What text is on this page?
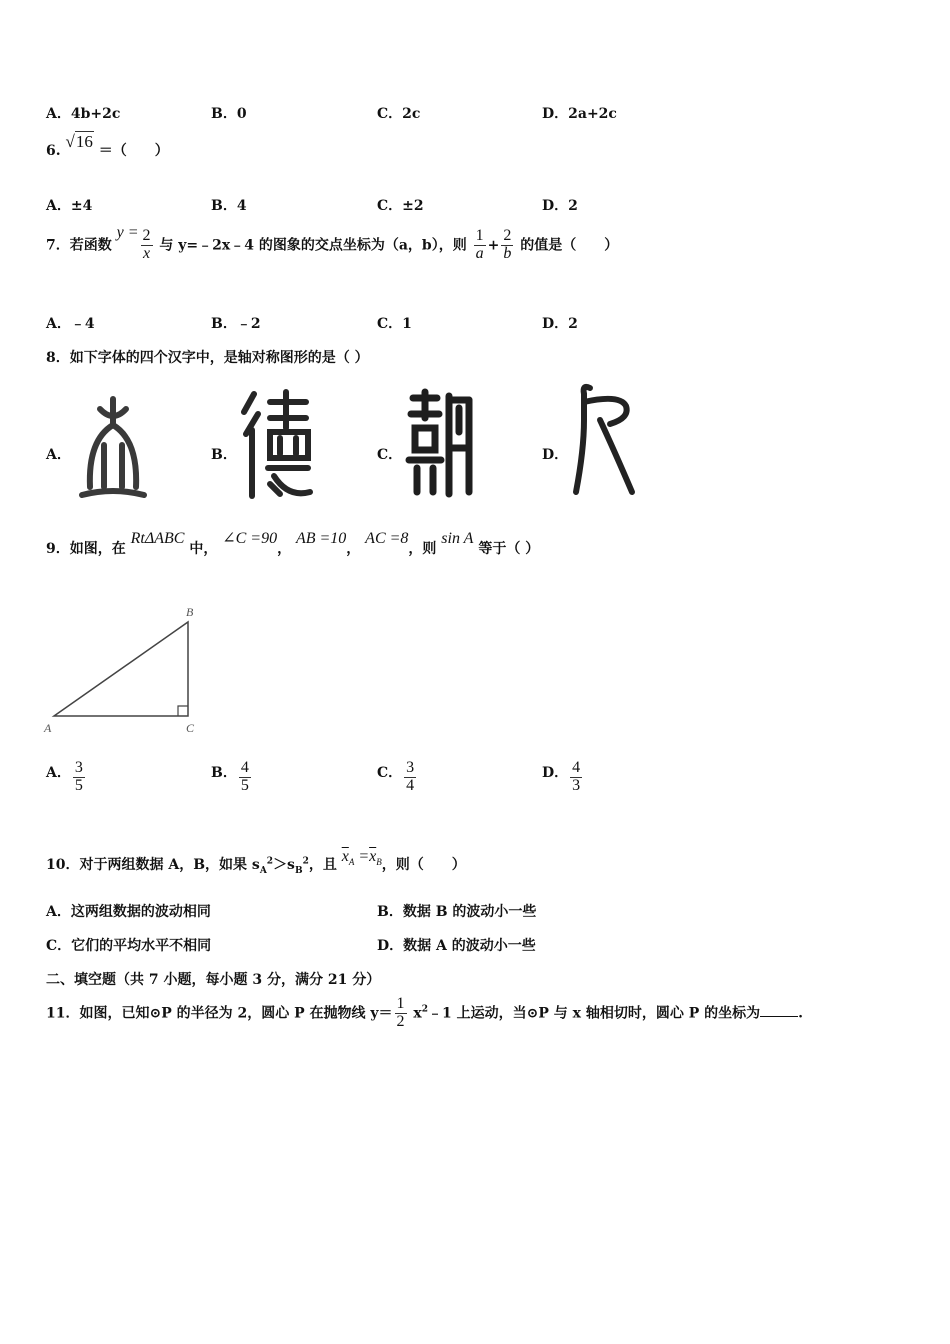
A．4b+2c	B．0	C．2c	D．2a+2c
6. √16 ＝（　　）
A．±4	B．4	C．±2	D．2
7．若函数 $y = \frac{2}{x}$ 与 y=﹣2x﹣4 的图象的交点坐标为（a，b），则 $\frac{1}{a} + \frac{2}{b}$ 的值是（　　）
A．﹣4	B．﹣2	C．1	D．2
8．如下字体的四个汉字中，是轴对称图形的是（ ）
A．	B．	C．	D．
9．如图，在 RtΔABC 中， ∠C =90， AB =10， AC =8，则 sin A 等于（ ）
A
B
C
A． $\frac{3}{5}$	B． $\frac{4}{5}$	C． $\frac{3}{4}$	D． $\frac{4}{3}$
10．对于两组数据 A，B，如果 $s_A^2>s_B^2$，且 $\overline{x}_A =\overline{x}_B$，则（　　）
A．这两组数据的波动相同	B．数据 B 的波动小一些
C．它们的平均水平不相同	D．数据 A 的波动小一些
二、填空题（共 7 小题，每小题 3 分，满分 21 分）
11．如图，已知⊙P 的半径为 2，圆心 P 在抛物线 $y= \frac{1}{2}$ $x^2﹣1$ 上运动，当⊙P 与 x 轴相切时，圆心 P 的坐标为	.
